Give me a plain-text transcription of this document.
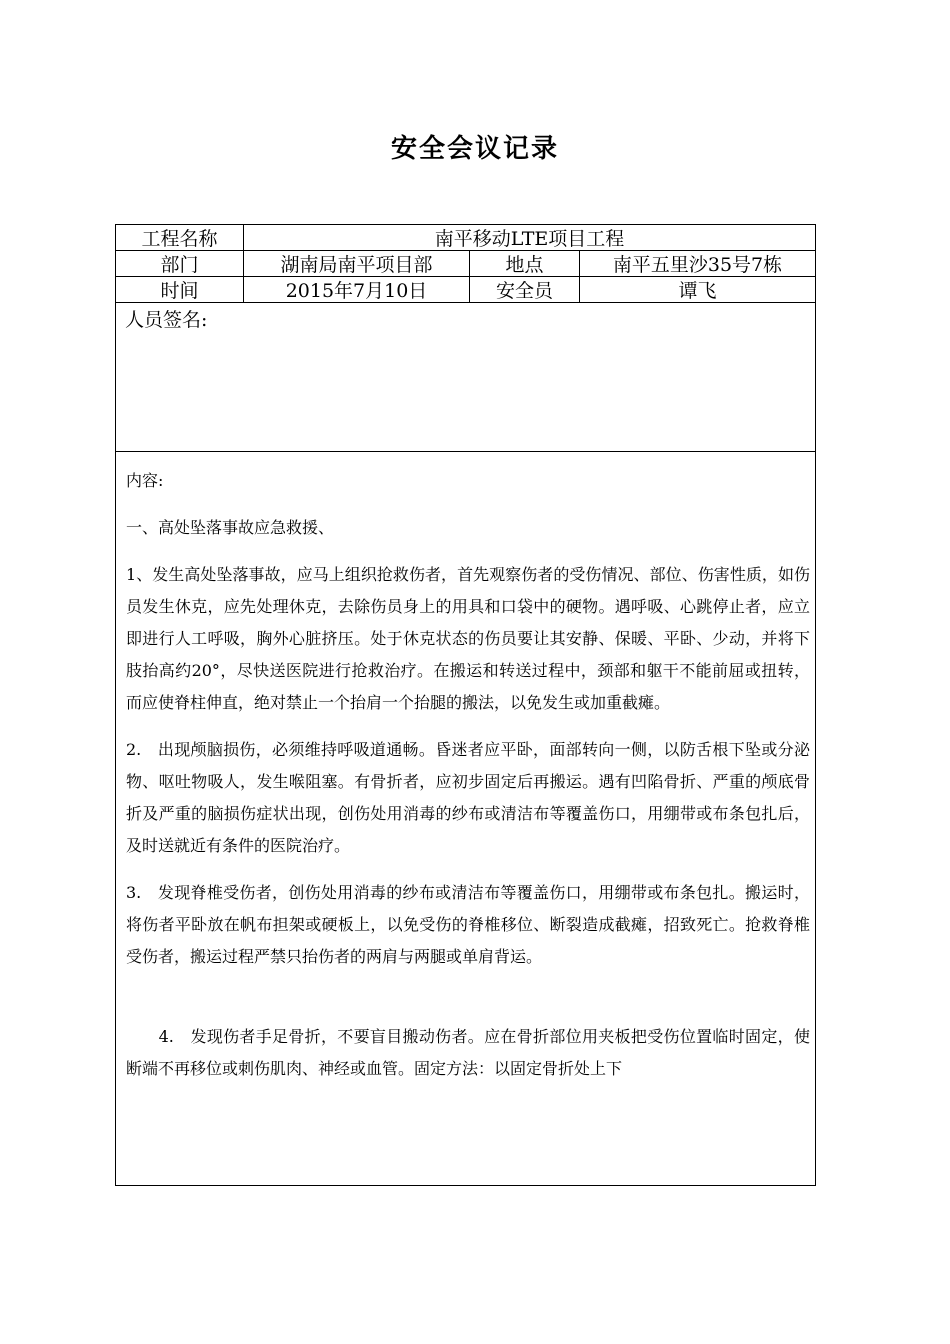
安全会议记录
工程名称	南平移动LTE项目工程
部门	湖南局南平项目部	地点	南平五里沙35号7栋
时间	2015年7月10日	安全员	谭飞
人员签名:

内容:

一、高处坠落事故应急救援、

1、发生高处坠落事故，应马上组织抢救伤者，首先观察伤者的受伤情况、部位、伤害性质，如伤员发生休克，应先处理休克，去除伤员身上的用具和口袋中的硬物。遇呼吸、心跳停止者，应立即进行人工呼吸，胸外心脏挤压。处于休克状态的伤员要让其安静、保暖、平卧、少动，并将下肢抬高约20°，尽快送医院进行抢救治疗。在搬运和转送过程中，颈部和躯干不能前屈或扭转，而应使脊柱伸直，绝对禁止一个抬肩一个抬腿的搬法，以免发生或加重截瘫。

2.　出现颅脑损伤，必须维持呼吸道通畅。昏迷者应平卧，面部转向一侧，以防舌根下坠或分泌物、呕吐物吸人，发生喉阻塞。有骨折者，应初步固定后再搬运。遇有凹陷骨折、严重的颅底骨折及严重的脑损伤症状出现，创伤处用消毒的纱布或清洁布等覆盖伤口，用绷带或布条包扎后，及时送就近有条件的医院治疗。

3.　发现脊椎受伤者，创伤处用消毒的纱布或清洁布等覆盖伤口，用绷带或布条包扎。搬运时，将伤者平卧放在帆布担架或硬板上，以免受伤的脊椎移位、断裂造成截瘫，招致死亡。抢救脊椎受伤者，搬运过程严禁只抬伤者的两肩与两腿或单肩背运。

　　4.　发现伤者手足骨折，不要盲目搬动伤者。应在骨折部位用夹板把受伤位置临时固定，使断端不再移位或刺伤肌肉、神经或血管。固定方法：以固定骨折处上下
